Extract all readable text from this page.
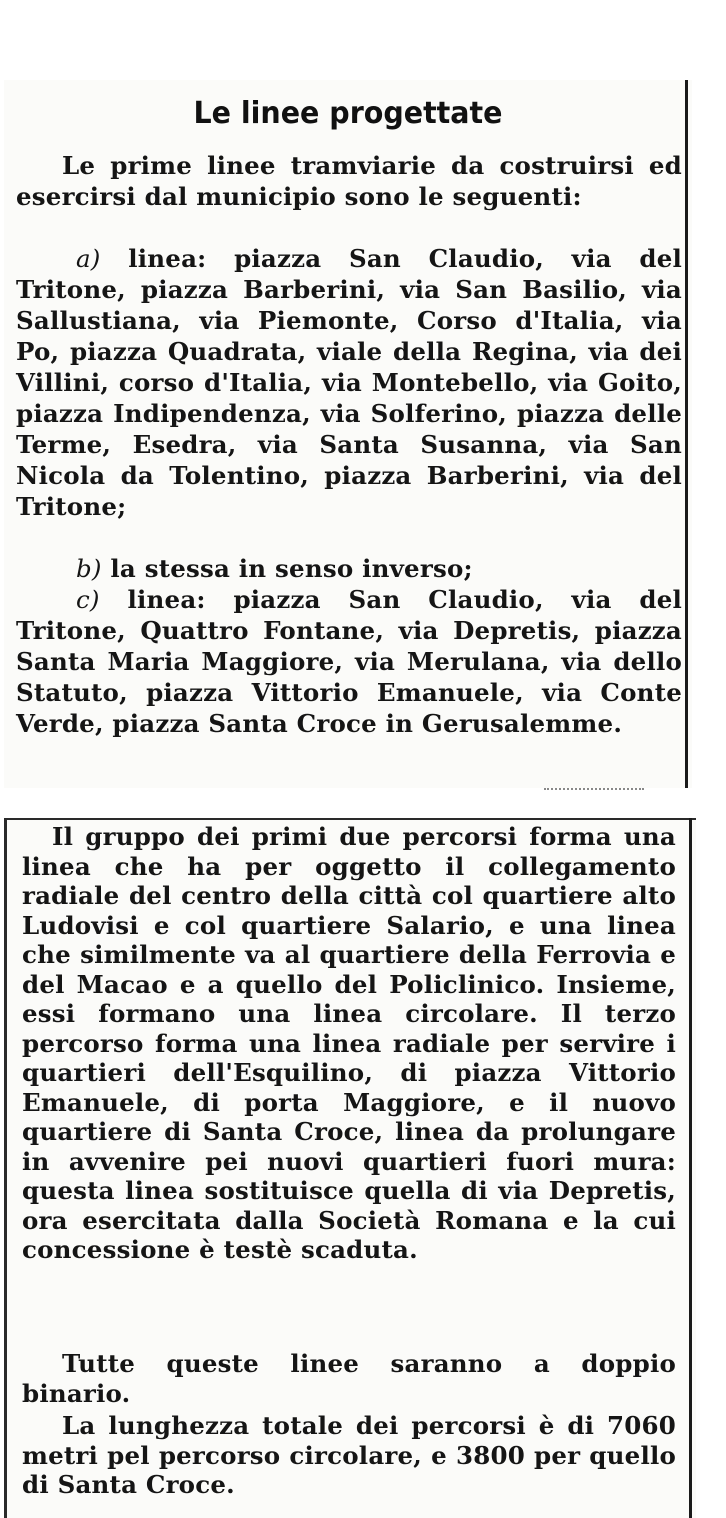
Le linee progettate

Le prime linee tramviarie da costruirsi ed esercirsi dal municipio sono le seguenti:

a) linea: piazza San Claudio, via del Tritone, piazza Barberini, via San Basilio, via Sallustiana, via Piemonte, Corso d'Italia, via Po, piazza Quadrata, viale della Regina, via dei Villini, corso d'Italia, via Montebello, via Goito, piazza Indipendenza, via Solferino, piazza delle Terme, Esedra, via Santa Susanna, via San Nicola da Tolentino, piazza Barberini, via del Tritone;

b) la stessa in senso inverso;

c) linea: piazza San Claudio, via del Tritone, Quattro Fontane, via Depretis, piazza Santa Maria Maggiore, via Merulana, via dello Statuto, piazza Vittorio Emanuele, via Conte Verde, piazza Santa Croce in Gerusalemme.

Il gruppo dei primi due percorsi forma una linea che ha per oggetto il collegamento radiale del centro della città col quartiere alto Ludovisi e col quartiere Salario, e una linea che similmente va al quartiere della Ferrovia e del Macao e a quello del Policlinico. Insieme, essi formano una linea circolare. Il terzo percorso forma una linea radiale per servire i quartieri dell'Esquilino, di piazza Vittorio Emanuele, di porta Maggiore, e il nuovo quartiere di Santa Croce, linea da prolungare in avvenire pei nuovi quartieri fuori mura: questa linea sostituisce quella di via Depretis, ora esercitata dalla Società Romana e la cui concessione è testè scaduta.

Tutte queste linee saranno a doppio binario.

La lunghezza totale dei percorsi è di 7060 metri pel percorso circolare, e 3800 per quello di Santa Croce.
